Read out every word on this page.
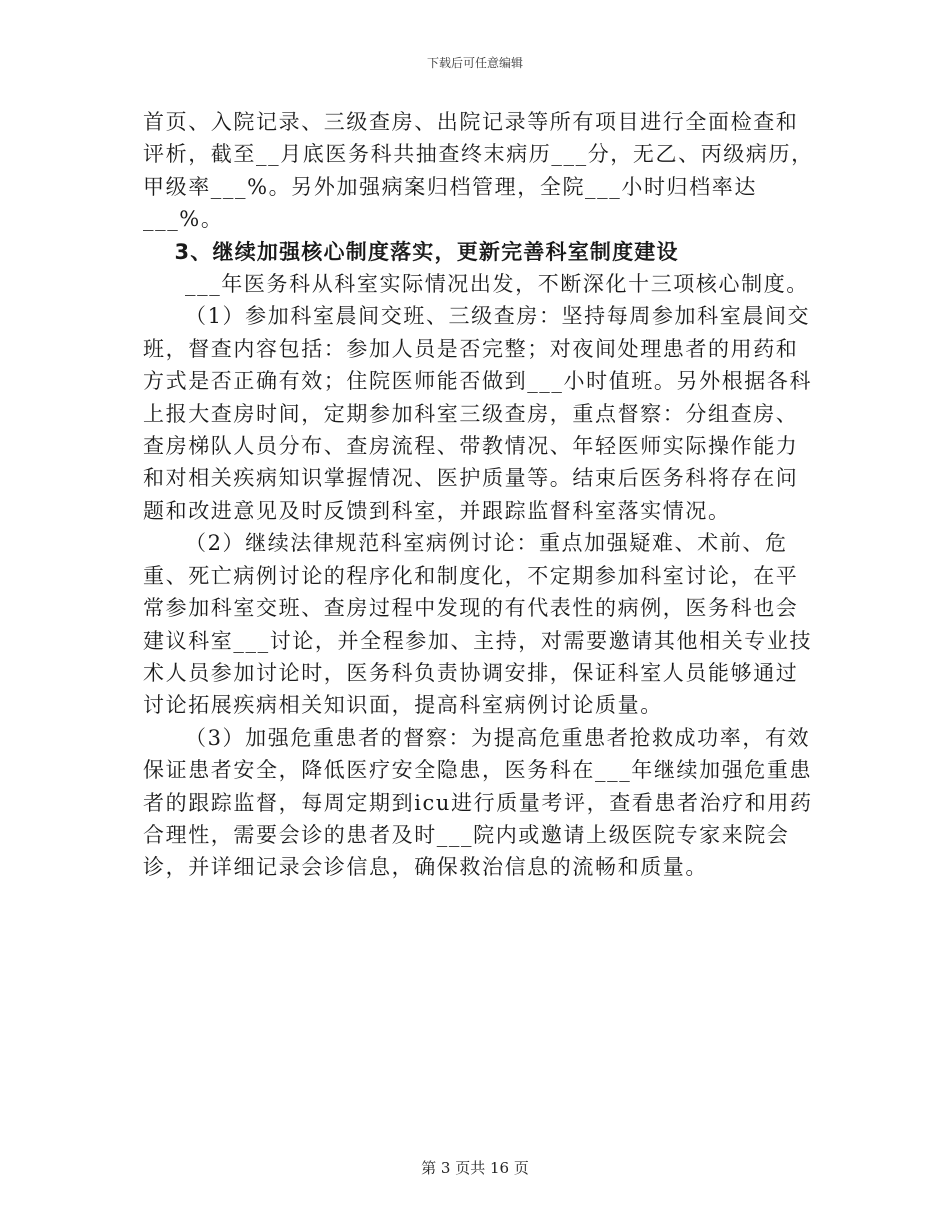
下载后可任意编辑

首页、入院记录、三级查房、出院记录等所有项目进行全面检查和评析，截至__月底医务科共抽查终末病历___分，无乙、丙级病历，甲级率___%。另外加强病案归档管理，全院___小时归档率达___%。

3、继续加强核心制度落实，更新完善科室制度建设

___年医务科从科室实际情况出发，不断深化十三项核心制度。

（1）参加科室晨间交班、三级查房：坚持每周参加科室晨间交班，督查内容包括：参加人员是否完整；对夜间处理患者的用药和方式是否正确有效；住院医师能否做到___小时值班。另外根据各科上报大查房时间，定期参加科室三级查房，重点督察：分组查房、查房梯队人员分布、查房流程、带教情况、年轻医师实际操作能力和对相关疾病知识掌握情况、医护质量等。结束后医务科将存在问题和改进意见及时反馈到科室，并跟踪监督科室落实情况。

（2）继续法律规范科室病例讨论：重点加强疑难、术前、危重、死亡病例讨论的程序化和制度化，不定期参加科室讨论，在平常参加科室交班、查房过程中发现的有代表性的病例，医务科也会建议科室___讨论，并全程参加、主持，对需要邀请其他相关专业技术人员参加讨论时，医务科负责协调安排，保证科室人员能够通过讨论拓展疾病相关知识面，提高科室病例讨论质量。

（3）加强危重患者的督察：为提高危重患者抢救成功率，有效保证患者安全，降低医疗安全隐患，医务科在___年继续加强危重患者的跟踪监督，每周定期到icu进行质量考评，查看患者治疗和用药合理性，需要会诊的患者及时___院内或邀请上级医院专家来院会诊，并详细记录会诊信息，确保救治信息的流畅和质量。

第 3 页共 16 页
